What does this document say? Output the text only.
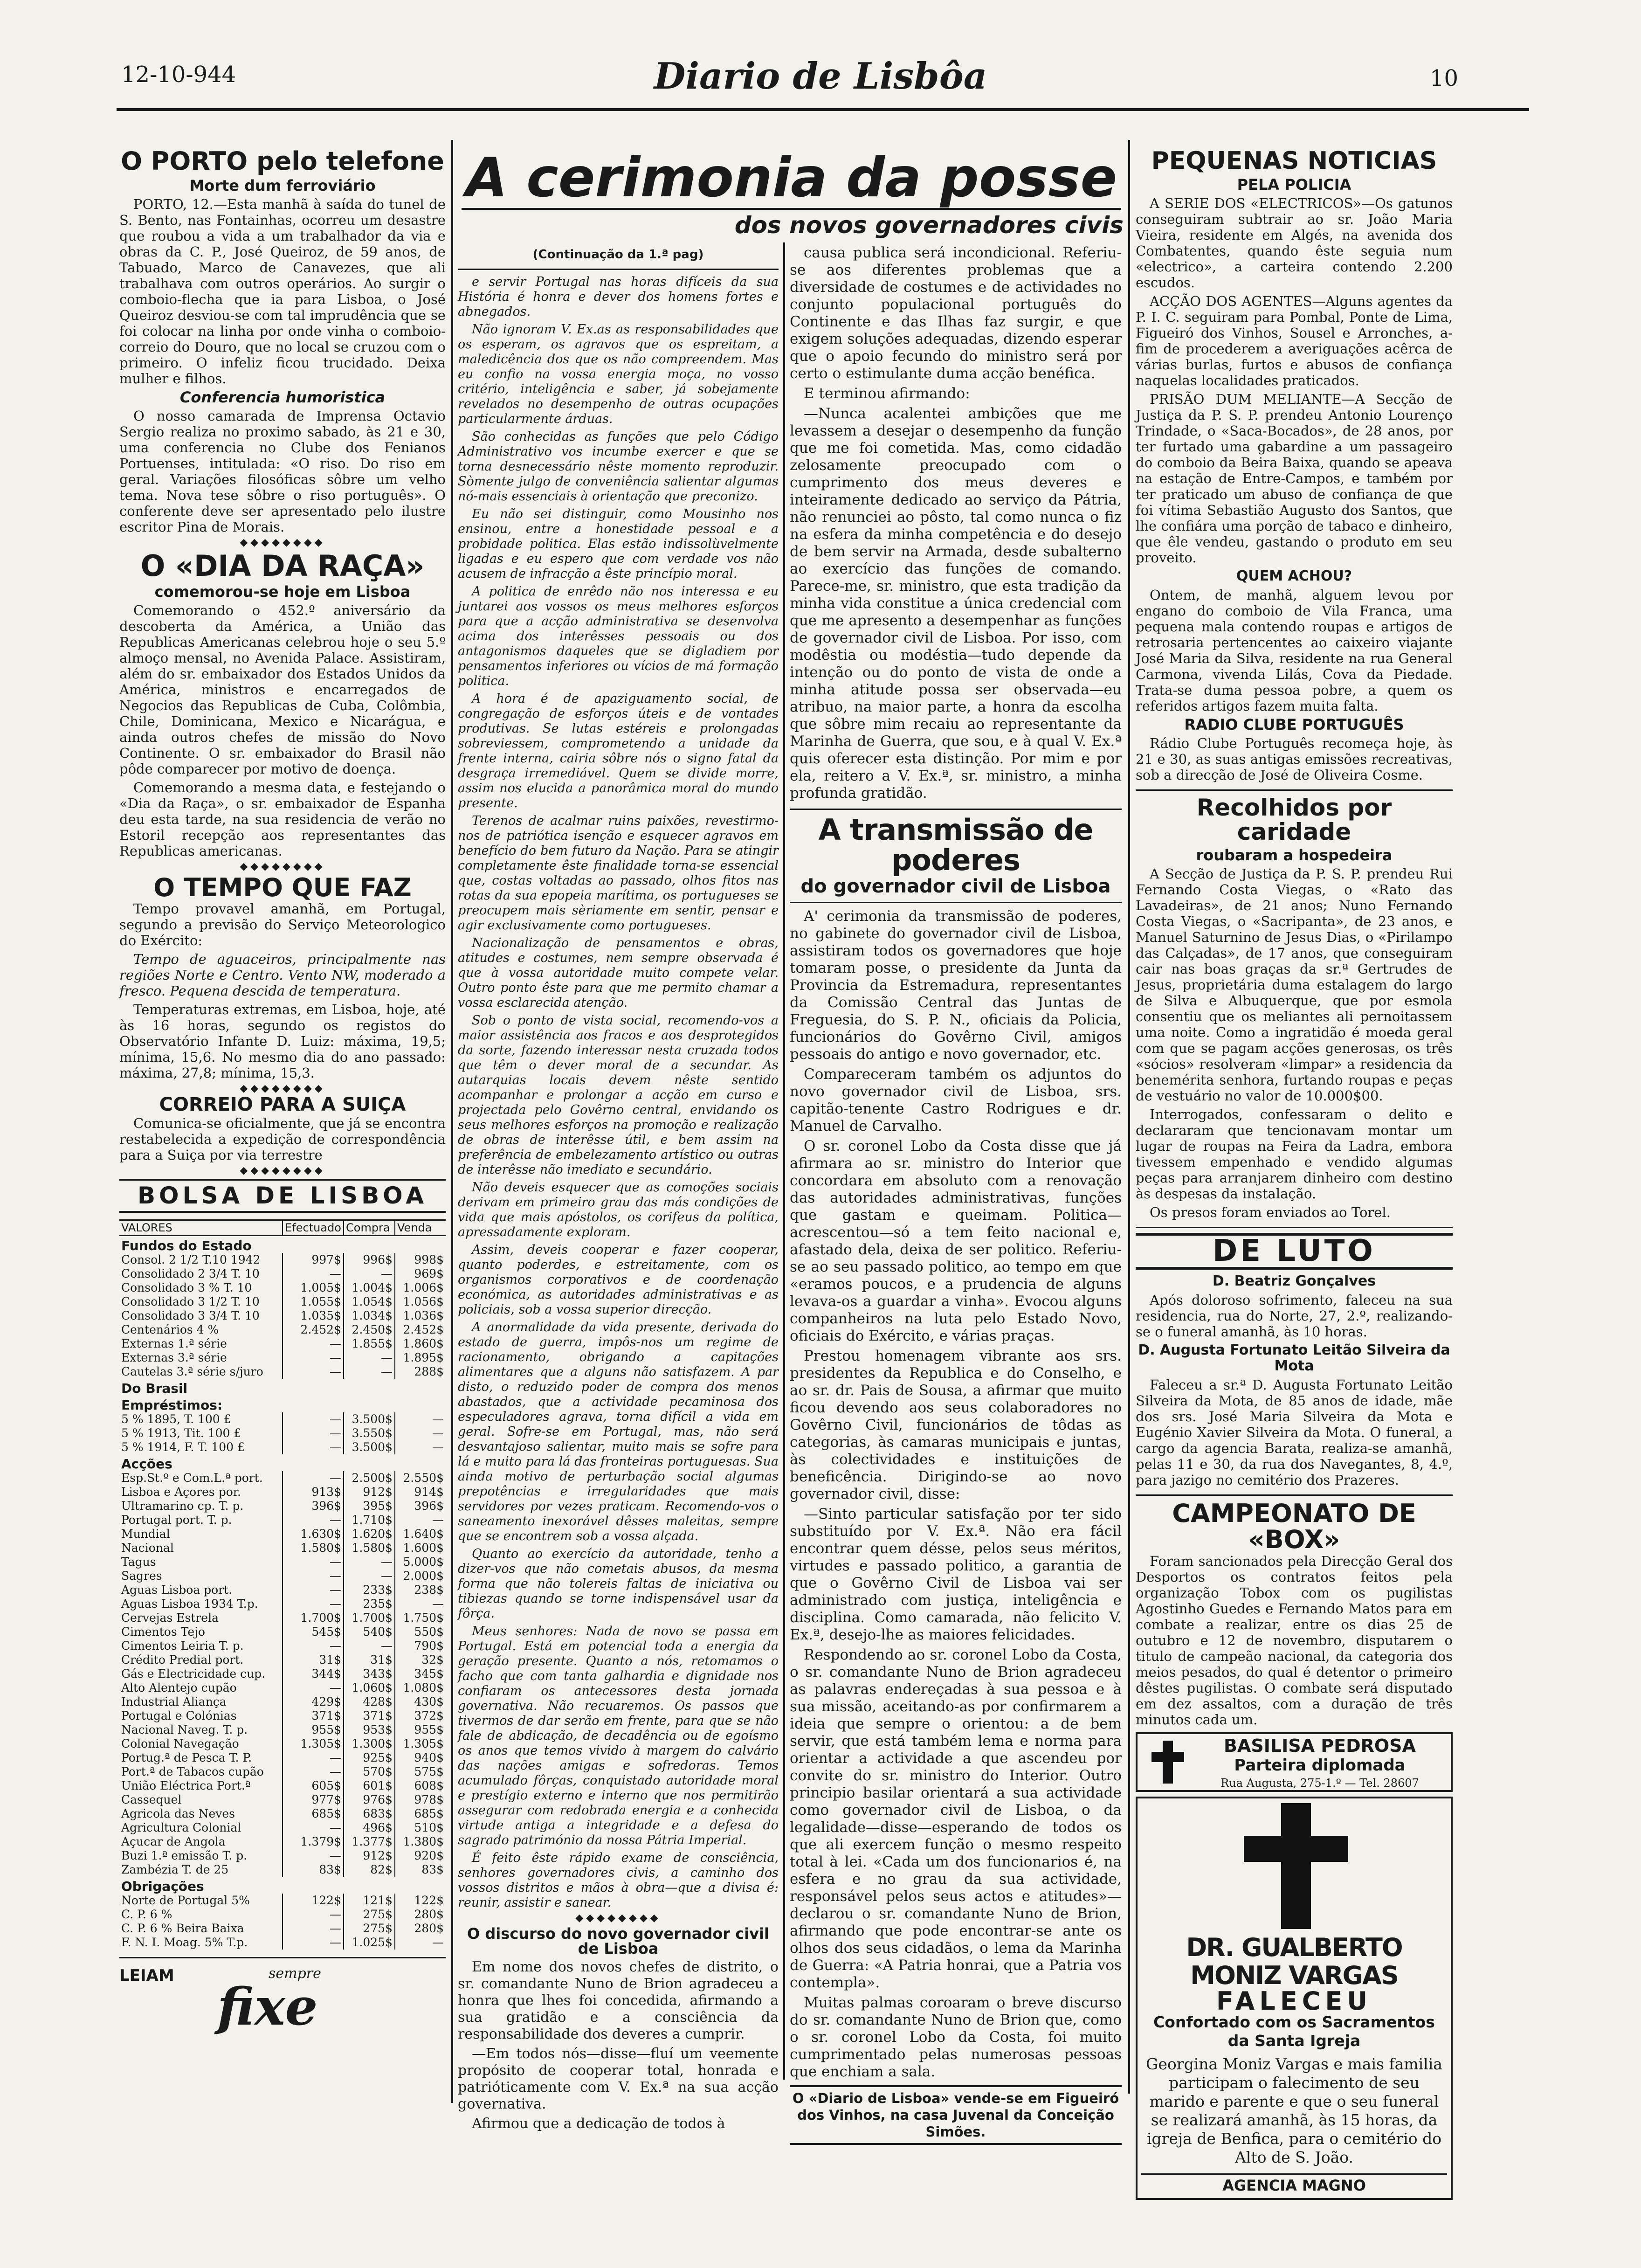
12-10-944	Diario de Lisbôa	10
O PORTO pelo telefone
Morte dum ferroviário

PORTO, 12.—Esta manhã à saída do tunel de S. Bento, nas Fontainhas, ocorreu um desastre que roubou a vida a um trabalhador da via e obras da C. P., José Queiroz, de 59 anos, de Tabuado, Marco de Canavezes, que ali trabalhava com outros operários. Ao surgir o comboio-flecha que ia para Lisboa, o José Queiroz desviou-se com tal imprudência que se foi colocar na linha por onde vinha o comboio-correio do Douro, que no local se cruzou com o primeiro. O infeliz ficou trucidado. Deixa mulher e filhos.

Conferencia humoristica

O nosso camarada de Imprensa Octavio Sergio realiza no proximo sabado, às 21 e 30, uma conferencia no Clube dos Fenianos Portuenses, intitulada: «O riso. Do riso em geral. Variações filosóficas sôbre um velho tema. Nova tese sôbre o riso português». O conferente deve ser apresentado pelo ilustre escritor Pina de Morais.

◆◆◆◆◆◆◆◆
O «DIA DA RAÇA»
comemorou-se hoje em Lisboa

Comemorando o 452.º aniversário da descoberta da América, a União das Republicas Americanas celebrou hoje o seu 5.º almoço mensal, no Avenida Palace. Assistiram, além do sr. embaixador dos Estados Unidos da América, ministros e encarregados de Negocios das Republicas de Cuba, Colômbia, Chile, Dominicana, Mexico e Nicarágua, e ainda outros chefes de missão do Novo Continente. O sr. embaixador do Brasil não pôde comparecer por motivo de doença.

Comemorando a mesma data, e festejando o «Dia da Raça», o sr. embaixador de Espanha deu esta tarde, na sua residencia de verão no Estoril recepção aos representantes das Republicas americanas.

◆◆◆◆◆◆◆◆
O TEMPO QUE FAZ

Tempo provavel amanhã, em Portugal, segundo a previsão do Serviço Meteorologico do Exército:

Tempo de aguaceiros, principalmente nas regiões Norte e Centro. Vento NW, moderado a fresco. Pequena descida de temperatura.

Temperaturas extremas, em Lisboa, hoje, até às 16 horas, segundo os registos do Observatório Infante D. Luiz: máxima, 19,5; mínima, 15,6. No mesmo dia do ano passado: máxima, 27,8; mínima, 15,3.

◆◆◆◆◆◆◆◆
CORREIO PARA A SUIÇA

Comunica-se oficialmente, que já se encontra restabelecida a expedição de correspondência para a Suiça por via terrestre

◆◆◆◆◆◆◆◆
BOLSA DE LISBOA
VALORES	Efectuado	Compra	Venda
Fundos do Estado			
Consol. 2 1/2 T.10 1942	997$	996$	998$
Consolidado 2 3/4 T. 10	—	—	969$
Consolidado 3 % T. 10	1.005$	1.004$	1.006$
Consolidado 3 1/2 T. 10	1.055$	1.054$	1.056$
Consolidado 3 3/4 T. 10	1.035$	1.034$	1.036$
Centenários 4 %	2.452$	2.450$	2.452$
Externas 1.ª série	—	1.855$	1.860$
Externas 3.ª série	—	—	1.895$
Cautelas 3.ª série s/juro	—	—	288$
Do Brasil			
Empréstimos:			
5 % 1895, T. 100 £	—	3.500$	—
5 % 1913, Tit. 100 £	—	3.550$	—
5 % 1914, F. T. 100 £	—	3.500$	—
Acções			
Esp.St.º e Com.L.ª port.	—	2.500$	2.550$
Lisboa e Açores por.	913$	912$	914$
Ultramarino cp. T. p.	396$	395$	396$
Portugal port. T. p.	—	1.710$	—
Mundial	1.630$	1.620$	1.640$
Nacional	1.580$	1.580$	1.600$
Tagus	—	—	5.000$
Sagres	—	—	2.000$
Aguas Lisboa port.	—	233$	238$
Aguas Lisboa 1934 T.p.	—	235$	—
Cervejas Estrela	1.700$	1.700$	1.750$
Cimentos Tejo	545$	540$	550$
Cimentos Leiria T. p.	—	—	790$
Crédito Predial port.	31$	31$	32$
Gás e Electricidade cup.	344$	343$	345$
Alto Alentejo cupão	—	1.060$	1.080$
Industrial Aliança	429$	428$	430$
Portugal e Colónias	371$	371$	372$
Nacional Naveg. T. p.	955$	953$	955$
Colonial Navegação	1.305$	1.300$	1.305$
Portug.ª de Pesca T. P.	—	925$	940$
Port.ª de Tabacos cupão	—	570$	575$
União Eléctrica Port.ª	605$	601$	608$
Cassequel	977$	976$	978$
Agricola das Neves	685$	683$	685$
Agricultura Colonial	—	496$	510$
Açucar de Angola	1.379$	1.377$	1.380$
Buzi 1.ª emissão T. p.	—	912$	920$
Zambézia T. de 25	83$	82$	83$
Obrigações			
Norte de Portugal 5%	122$	121$	122$
C. P. 6 %	—	275$	280$
C. P. 6 % Beira Baixa	—	275$	280$
F. N. I. Moag. 5% T.p.	—	1.025$	—
LEIAM	sempre
fixe
A cerimonia da posse
dos novos governadores civis
(Continuação da 1.ª pag)

e servir Portugal nas horas difíceis da sua História é honra e dever dos homens fortes e abnegados.

Não ignoram V. Ex.as as responsabilidades que os esperam, os agravos que os espreitam, a maledicência dos que os não compreendem. Mas eu confio na vossa energia moça, no vosso critério, inteligência e saber, já sobejamente revelados no desempenho de outras ocupações particularmente árduas.

São conhecidas as funções que pelo Código Administrativo vos incumbe exercer e que se torna desnecessário nêste momento reproduzir. Sòmente julgo de conveniência salientar algumas nó-mais essenciais à orientação que preconizo.

Eu não sei distinguir, como Mousinho nos ensinou, entre a honestidade pessoal e a probidade politica. Elas estão indissolùvelmente ligadas e eu espero que com verdade vos não acusem de infracção a êste princípio moral.

A politica de enrêdo não nos interessa e eu juntarei aos vossos os meus melhores esforços para que a acção administrativa se desenvolva acima dos interêsses pessoais ou dos antagonismos daqueles que se digladiem por pensamentos inferiores ou vícios de má formação politica.

A hora é de apaziguamento social, de congregação de esforços úteis e de vontades produtivas. Se lutas estéreis e prolongadas sobreviessem, comprometendo a unidade da frente interna, cairia sôbre nós o signo fatal da desgraça irremediável. Quem se divide morre, assim nos elucida a panorâmica moral do mundo presente.

Terenos de acalmar ruins paixões, revestirmo-nos de patriótica isenção e esquecer agravos em benefício do bem futuro da Nação. Para se atingir completamente êste finalidade torna-se essencial que, costas voltadas ao passado, olhos fitos nas rotas da sua epopeia marítima, os portugueses se preocupem mais sèriamente em sentir, pensar e agir exclusivamente como portugueses.

Nacionalização de pensamentos e obras, atitudes e costumes, nem sempre observada é que à vossa autoridade muito compete velar. Outro ponto êste para que me permito chamar a vossa esclarecida atenção.

Sob o ponto de vista social, recomendo-vos a maior assistência aos fracos e aos desprotegidos da sorte, fazendo interessar nesta cruzada todos que têm o dever moral de a secundar. As autarquias locais devem nêste sentido acompanhar e prolongar a acção em curso e projectada pelo Govêrno central, envidando os seus melhores esforços na promoção e realização de obras de interêsse útil, e bem assim na preferência de embelezamento artístico ou outras de interêsse não imediato e secundário.

Não deveis esquecer que as comoções sociais derivam em primeiro grau das más condições de vida que mais apóstolos, os corifeus da política, apressadamente exploram.

Assim, deveis cooperar e fazer cooperar, quanto poderdes, e estreitamente, com os organismos corporativos e de coordenação económica, as autoridades administrativas e as policiais, sob a vossa superior direcção.

A anormalidade da vida presente, derivada do estado de guerra, impôs-nos um regime de racionamento, obrigando a capitações alimentares que a alguns não satisfazem. A par disto, o reduzido poder de compra dos menos abastados, que a actividade pecaminosa dos especuladores agrava, torna difícil a vida em geral. Sofre-se em Portugal, mas, não será desvantajoso salientar, muito mais se sofre para lá e muito para lá das fronteiras portuguesas. Sua ainda motivo de perturbação social algumas prepotências e irregularidades que mais servidores por vezes praticam. Recomendo-vos o saneamento inexorável dêsses maleitas, sempre que se encontrem sob a vossa alçada.

Quanto ao exercício da autoridade, tenho a dizer-vos que não cometais abusos, da mesma forma que não tolereis faltas de iniciativa ou tibiezas quando se torne indispensável usar da fôrça.

Meus senhores: Nada de novo se passa em Portugal. Está em potencial toda a energia da geração presente. Quanto a nós, retomamos o facho que com tanta galhardia e dignidade nos confiaram os antecessores desta jornada governativa. Não recuaremos. Os passos que tivermos de dar serão em frente, para que se não fale de abdicação, de decadência ou de egoísmo os anos que temos vivido à margem do calvário das nações amigas e sofredoras. Temos acumulado fôrças, conquistado autoridade moral e prestígio externo e interno que nos permitirão assegurar com redobrada energia e a conhecida virtude antiga a integridade e a defesa do sagrado património da nossa Pátria Imperial.

É feito êste rápido exame de consciência, senhores governadores civis, a caminho dos vossos distritos e mãos à obra—que a divisa é: reunir, assistir e sanear.

◆◆◆◆◆◆◆◆
O discurso do novo governador civil de Lisboa

Em nome dos novos chefes de distrito, o sr. comandante Nuno de Brion agradeceu a honra que lhes foi concedida, afirmando a sua gratidão e a consciência da responsabilidade dos deveres a cumprir.

—Em todos nós—disse—fluí um veemente propósito de cooperar total, honrada e patrióticamente com V. Ex.ª na sua acção governativa.

Afirmou que a dedicação de todos à

causa publica será incondicional. Referiu-se aos diferentes problemas que a diversidade de costumes e de actividades no conjunto populacional português do Continente e das Ilhas faz surgir, e que exigem soluções adequadas, dizendo esperar que o apoio fecundo do ministro será por certo o estimulante duma acção benéfica.

E terminou afirmando:

—Nunca acalentei ambições que me levassem a desejar o desempenho da função que me foi cometida. Mas, como cidadão zelosamente preocupado com o cumprimento dos meus deveres e inteiramente dedicado ao serviço da Pátria, não renunciei ao pôsto, tal como nunca o fiz na esfera da minha competência e do desejo de bem servir na Armada, desde subalterno ao exercício das funções de comando. Parece-me, sr. ministro, que esta tradição da minha vida constitue a única credencial com que me apresento a desempenhar as funções de governador civil de Lisboa. Por isso, com modêstia ou modéstia—tudo depende da intenção ou do ponto de vista de onde a minha atitude possa ser observada—eu atribuo, na maior parte, a honra da escolha que sôbre mim recaiu ao representante da Marinha de Guerra, que sou, e à qual V. Ex.ª quis oferecer esta distinção. Por mim e por ela, reitero a V. Ex.ª, sr. ministro, a minha profunda gratidão.

A transmissão de poderes
do governador civil de Lisboa

A' cerimonia da transmissão de poderes, no gabinete do governador civil de Lisboa, assistiram todos os governadores que hoje tomaram posse, o presidente da Junta da Provincia da Estremadura, representantes da Comissão Central das Juntas de Freguesia, do S. P. N., oficiais da Policia, funcionários do Govêrno Civil, amigos pessoais do antigo e novo governador, etc.

Compareceram também os adjuntos do novo governador civil de Lisboa, srs. capitão-tenente Castro Rodrigues e dr. Manuel de Carvalho.

O sr. coronel Lobo da Costa disse que já afirmara ao sr. ministro do Interior que concordara em absoluto com a renovação das autoridades administrativas, funções que gastam e queimam. Politica—acrescentou—só a tem feito nacional e, afastado dela, deixa de ser politico. Referiu-se ao seu passado politico, ao tempo em que «eramos poucos, e a prudencia de alguns levava-os a guardar a vinha». Evocou alguns companheiros na luta pelo Estado Novo, oficiais do Exército, e várias praças.

Prestou homenagem vibrante aos srs. presidentes da Republica e do Conselho, e ao sr. dr. Pais de Sousa, a afirmar que muito ficou devendo aos seus colaboradores no Govêrno Civil, funcionários de tôdas as categorias, às camaras municipais e juntas, às colectividades e instituições de beneficência. Dirigindo-se ao novo governador civil, disse:

—Sinto particular satisfação por ter sido substituído por V. Ex.ª. Não era fácil encontrar quem désse, pelos seus méritos, virtudes e passado politico, a garantia de que o Govêrno Civil de Lisboa vai ser administrado com justiça, inteligência e disciplina. Como camarada, não felicito V. Ex.ª, desejo-lhe as maiores felicidades.

Respondendo ao sr. coronel Lobo da Costa, o sr. comandante Nuno de Brion agradeceu as palavras endereçadas à sua pessoa e à sua missão, aceitando-as por confirmarem a ideia que sempre o orientou: a de bem servir, que está também lema e norma para orientar a actividade a que ascendeu por convite do sr. ministro do Interior. Outro principio basilar orientará a sua actividade como governador civil de Lisboa, o da legalidade—disse—esperando de todos os que ali exercem função o mesmo respeito total à lei. «Cada um dos funcionarios é, na esfera e no grau da sua actividade, responsável pelos seus actos e atitudes»—declarou o sr. comandante Nuno de Brion, afirmando que pode encontrar-se ante os olhos dos seus cidadãos, o lema da Marinha de Guerra: «A Patria honrai, que a Patria vos contempla».

Muitas palmas coroaram o breve discurso do sr. comandante Nuno de Brion que, como o sr. coronel Lobo da Costa, foi muito cumprimentado pelas numerosas pessoas que enchiam a sala.

O «Diario de Lisboa» vende-se em Figueiró dos Vinhos, na casa Juvenal da Conceição Simões.
PEQUENAS NOTICIAS
PELA POLICIA

A SERIE DOS «ELECTRICOS»—Os gatunos conseguiram subtrair ao sr. João Maria Vieira, residente em Algés, na avenida dos Combatentes, quando êste seguia num «electrico», a carteira contendo 2.200 escudos.

ACÇÃO DOS AGENTES—Alguns agentes da P. I. C. seguiram para Pombal, Ponte de Lima, Figueiró dos Vinhos, Sousel e Arronches, a-fim de procederem a averiguações acêrca de várias burlas, furtos e abusos de confiança naquelas localidades praticados.

PRISÃO DUM MELIANTE—A Secção de Justiça da P. S. P. prendeu Antonio Lourenço Trindade, o «Saca-Bocados», de 28 anos, por ter furtado uma gabardine a um passageiro do comboio da Beira Baixa, quando se apeava na estação de Entre-Campos, e também por ter praticado um abuso de confiança de que foi vítima Sebastião Augusto dos Santos, que lhe confiára uma porção de tabaco e dinheiro, que êle vendeu, gastando o produto em seu proveito.

QUEM ACHOU?

Ontem, de manhã, alguem levou por engano do comboio de Vila Franca, uma pequena mala contendo roupas e artigos de retrosaria pertencentes ao caixeiro viajante José Maria da Silva, residente na rua General Carmona, vivenda Lilás, Cova da Piedade. Trata-se duma pessoa pobre, a quem os referidos artigos fazem muita falta.

RADIO CLUBE PORTUGUÊS

Rádio Clube Português recomeça hoje, às 21 e 30, as suas antigas emissões recreativas, sob a direcção de José de Oliveira Cosme.

Recolhidos por caridade
roubaram a hospedeira

A Secção de Justiça da P. S. P. prendeu Rui Fernando Costa Viegas, o «Rato das Lavadeiras», de 21 anos; Nuno Fernando Costa Viegas, o «Sacripanta», de 23 anos, e Manuel Saturnino de Jesus Dias, o «Pirilampo das Calçadas», de 17 anos, que conseguiram cair nas boas graças da sr.ª Gertrudes de Jesus, proprietária duma estalagem do largo de Silva e Albuquerque, que por esmola consentiu que os meliantes ali pernoitassem uma noite. Como a ingratidão é moeda geral com que se pagam acções generosas, os três «sócios» resolveram «limpar» a residencia da benemérita senhora, furtando roupas e peças de vestuário no valor de 10.000$00.

Interrogados, confessaram o delito e declararam que tencionavam montar um lugar de roupas na Feira da Ladra, embora tivessem empenhado e vendido algumas peças para arranjarem dinheiro com destino às despesas da instalação.

Os presos foram enviados ao Torel.

DE LUTO
D. Beatriz Gonçalves

Após doloroso sofrimento, faleceu na sua residencia, rua do Norte, 27, 2.º, realizando-se o funeral amanhã, às 10 horas.

D. Augusta Fortunato Leitão Silveira da Mota

Faleceu a sr.ª D. Augusta Fortunato Leitão Silveira da Mota, de 85 anos de idade, mãe dos srs. José Maria Silveira da Mota e Eugénio Xavier Silveira da Mota. O funeral, a cargo da agencia Barata, realiza-se amanhã, pelas 11 e 30, da rua dos Navegantes, 8, 4.º, para jazigo no cemitério dos Prazeres.

CAMPEONATO DE «BOX»

Foram sancionados pela Direcção Geral dos Desportos os contratos feitos pela organização Tobox com os pugilistas Agostinho Guedes e Fernando Matos para em combate a realizar, entre os dias 25 de outubro e 12 de novembro, disputarem o titulo de campeão nacional, da categoria dos meios pesados, do qual é detentor o primeiro dêstes pugilistas. O combate será disputado em dez assaltos, com a duração de três minutos cada um.

BASILISA PEDROSA
Parteira diplomada
Rua Augusta, 275-1.º — Tel. 28607
DR. GUALBERTO MONIZ VARGAS
FALECEU
Confortado com os Sacramentos da Santa Igreja
Georgina Moniz Vargas e mais familia participam o falecimento de seu marido e parente e que o seu funeral se realizará amanhã, às 15 horas, da igreja de Benfica, para o cemitério do Alto de S. João.
AGENCIA MAGNO
